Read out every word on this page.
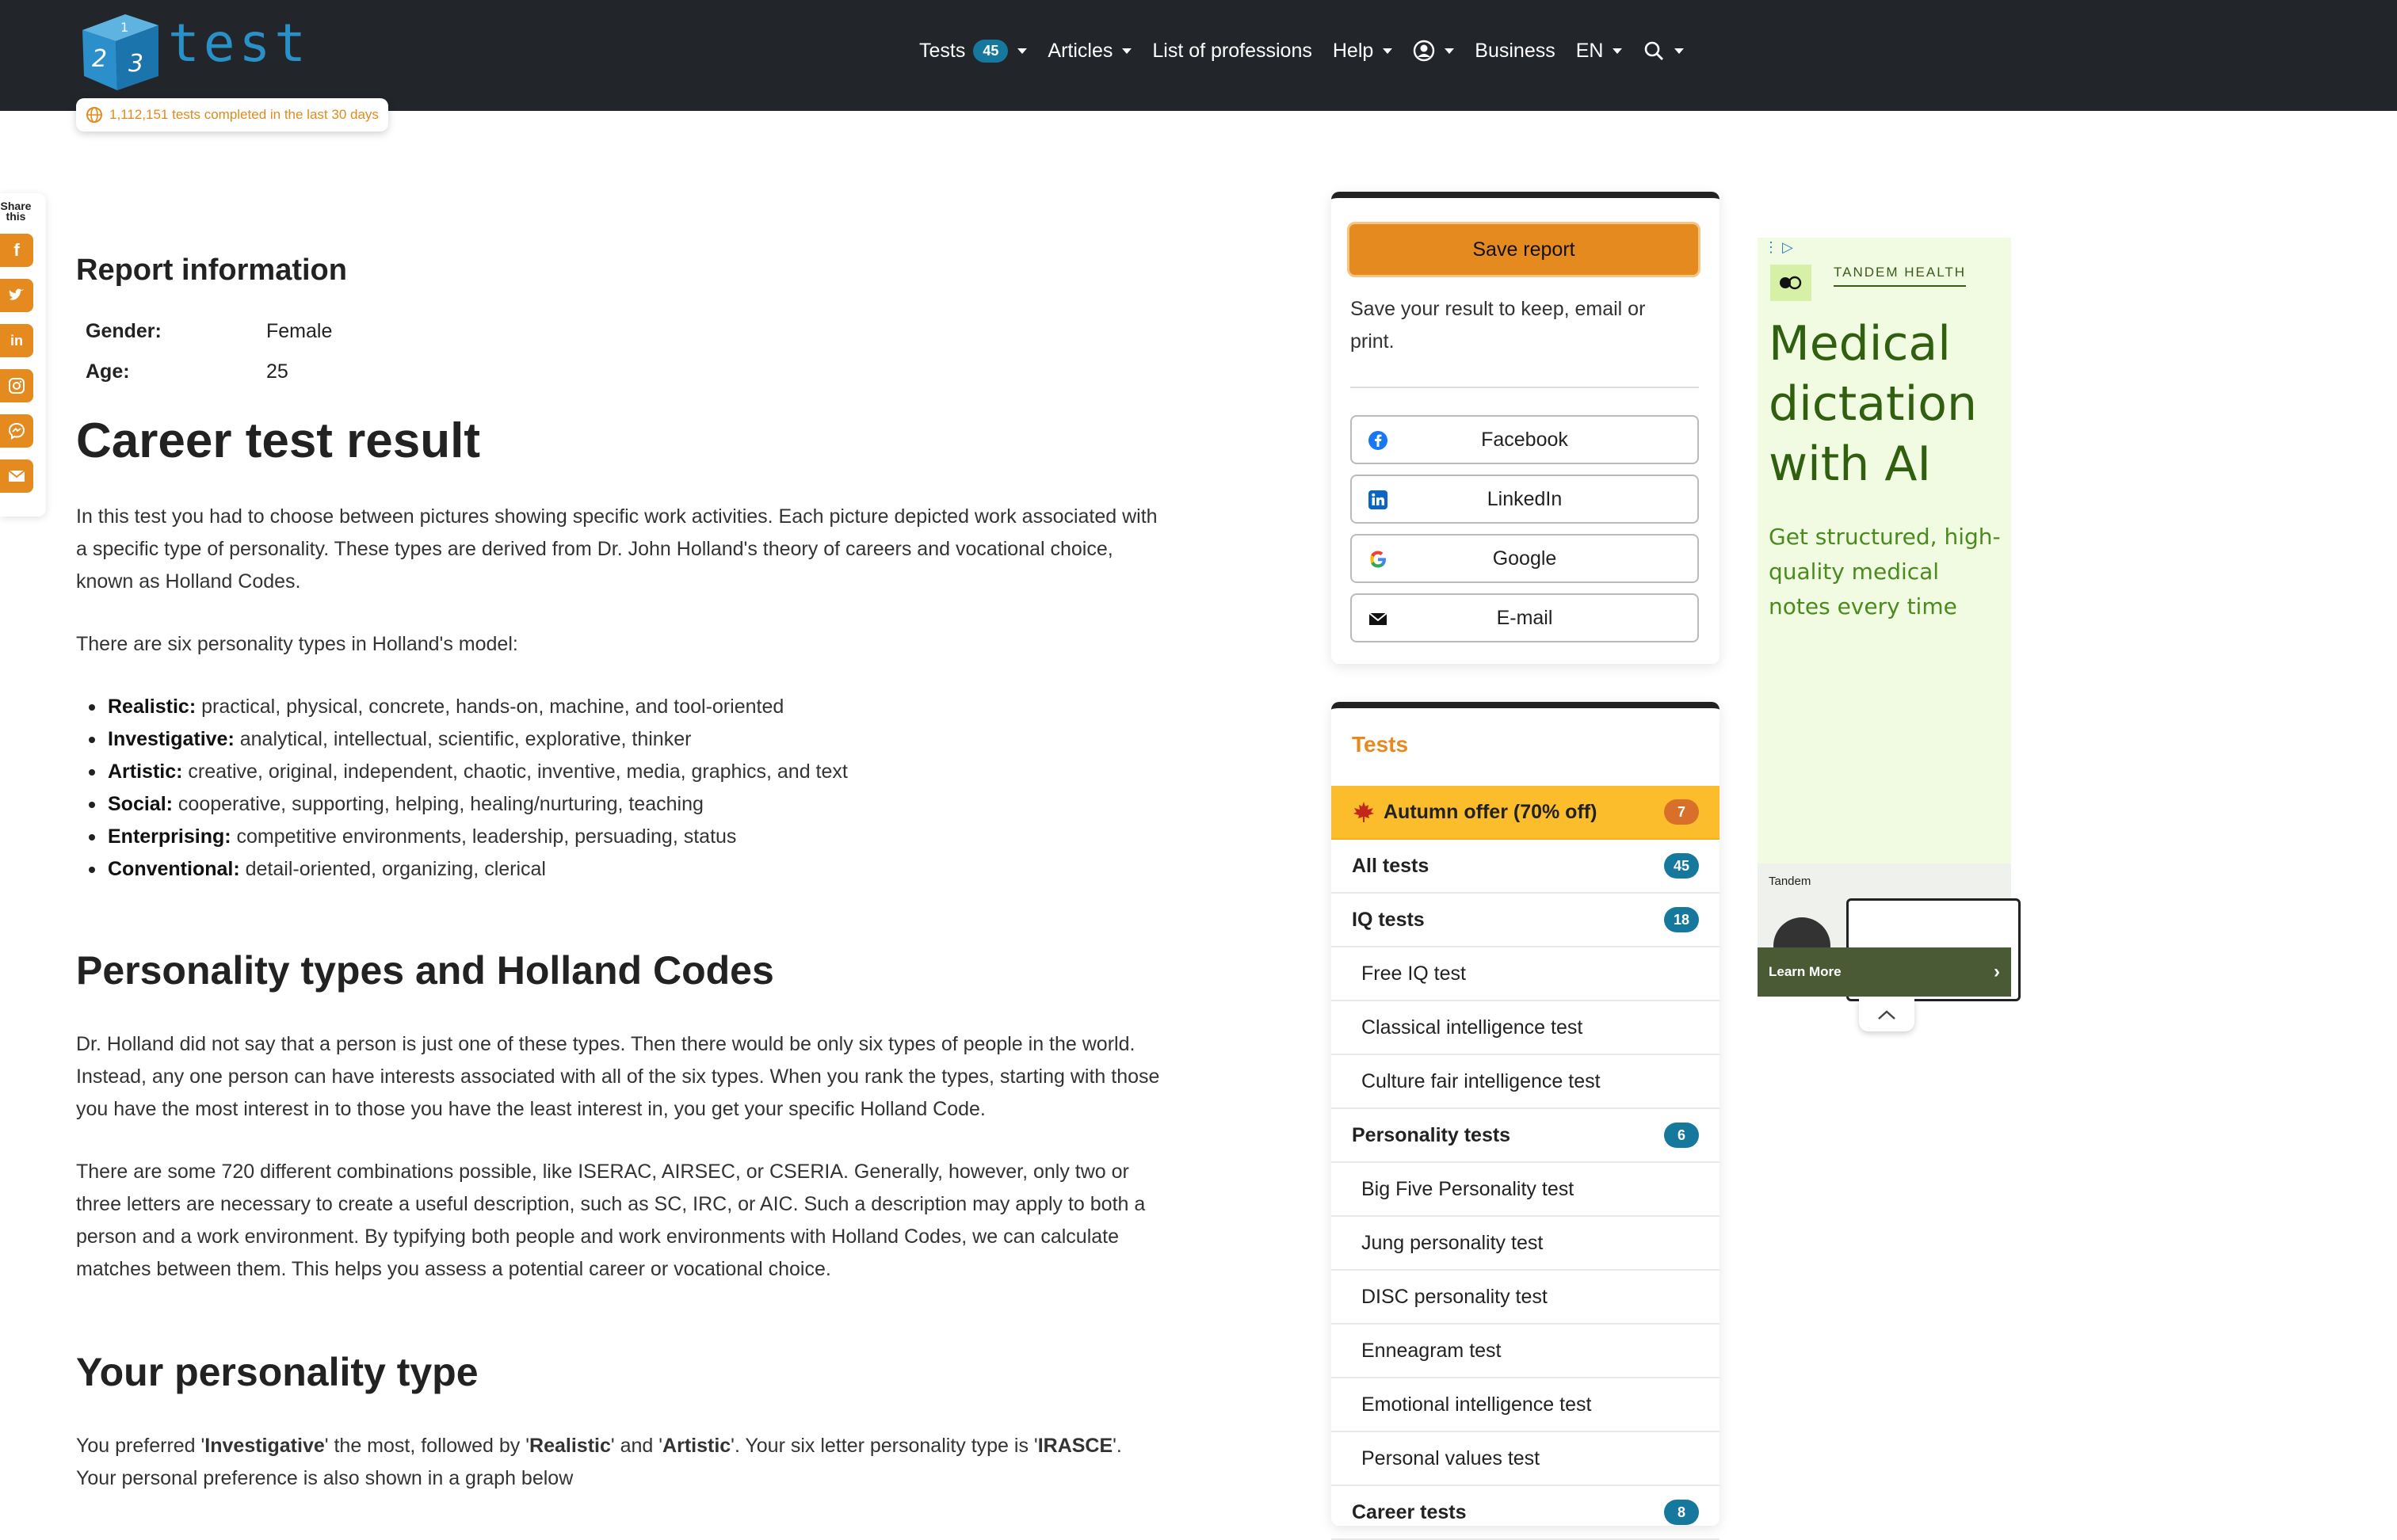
2 3
1 test
1,112,151 tests completed in the last 30 days
Tests	45	Articles List of professions Help	Business EN
Share this
f
in
Report information
Gender:	Female
Age:	25
Career test result

In this test you had to choose between pictures showing specific work activities. Each picture depicted work associated with a specific type of personality. These types are derived from Dr. John Holland's theory of careers and vocational choice, known as Holland Codes.

There are six personality types in Holland's model:

Realistic: practical, physical, concrete, hands-on, machine, and tool-oriented
Investigative: analytical, intellectual, scientific, explorative, thinker
Artistic: creative, original, independent, chaotic, inventive, media, graphics, and text
Social: cooperative, supporting, helping, healing/nurturing, teaching
Enterprising: competitive environments, leadership, persuading, status
Conventional: detail-oriented, organizing, clerical
Personality types and Holland Codes

Dr. Holland did not say that a person is just one of these types. Then there would be only six types of people in the world. Instead, any one person can have interests associated with all of the six types. When you rank the types, starting with those you have the most interest in to those you have the least interest in, you get your specific Holland Code.

There are some 720 different combinations possible, like ISERAC, AIRSEC, or CSERIA. Generally, however, only two or three letters are necessary to create a useful description, such as SC, IRC, or AIC. Such a description may apply to both a person and a work environment. By typifying both people and work environments with Holland Codes, we can calculate matches between them. This helps you assess a potential career or vocational choice.

Your personality type

You preferred 'Investigative' the most, followed by 'Realistic' and 'Artistic'. Your six letter personality type is 'IRASCE'.
Your personal preference is also shown in a graph below

Save report

Save your result to keep, email or print.

Facebook
LinkedIn
Google
E-mail
Tests
Autumn offer (70% off)	7
All tests	45
IQ tests	18
Free IQ test
Classical intelligence test
Culture fair intelligence test
Personality tests	6
Big Five Personality test
Jung personality test
DISC personality test
Enneagram test
Emotional intelligence test
Personal values test
Career tests	8
⋮ ▷
TANDEM HEALTH
Medical dictation with AI
Get structured, high-quality medical notes every time
Tandem
Learn More	›
